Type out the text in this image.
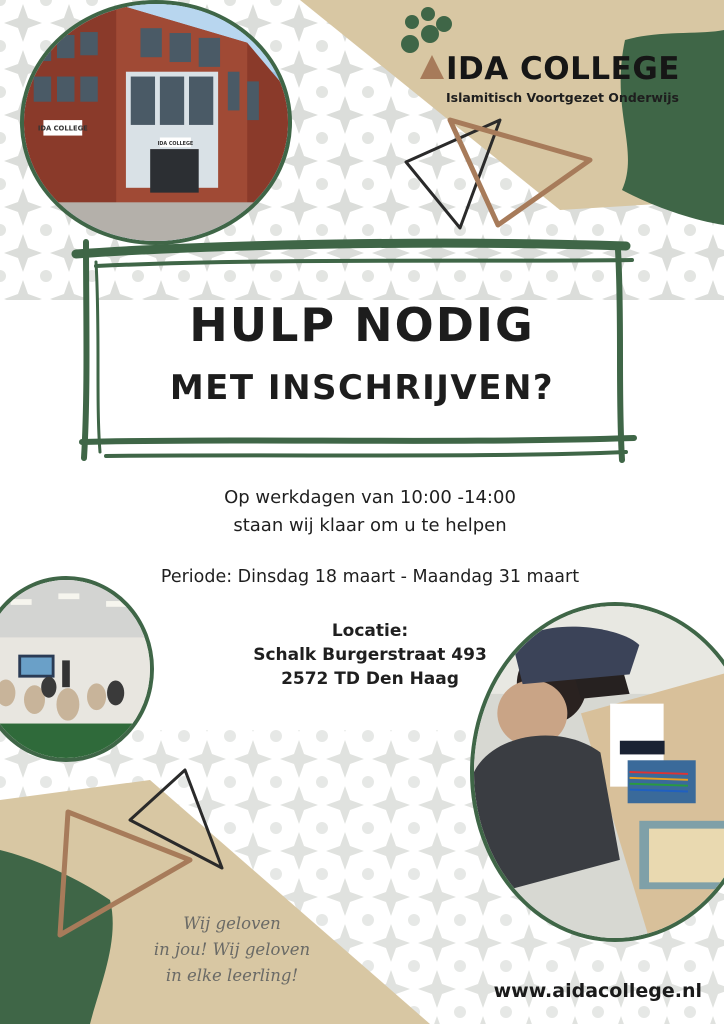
IDA COLLEGE
IDA COLLEGE
IDA COLLEGE
Islamitisch Voortgezet Onderwijs
HULP NODIG
MET INSCHRIJVEN?
Op werkdagen van 10:00 -14:00
staan wij klaar om u te helpen
Periode: Dinsdag 18 maart - Maandag 31 maart
Locatie:
Schalk Burgerstraat 493
2572 TD Den Haag
Wij geloven
in jou! Wij geloven
in elke leerling!
www.aidacollege.nl
